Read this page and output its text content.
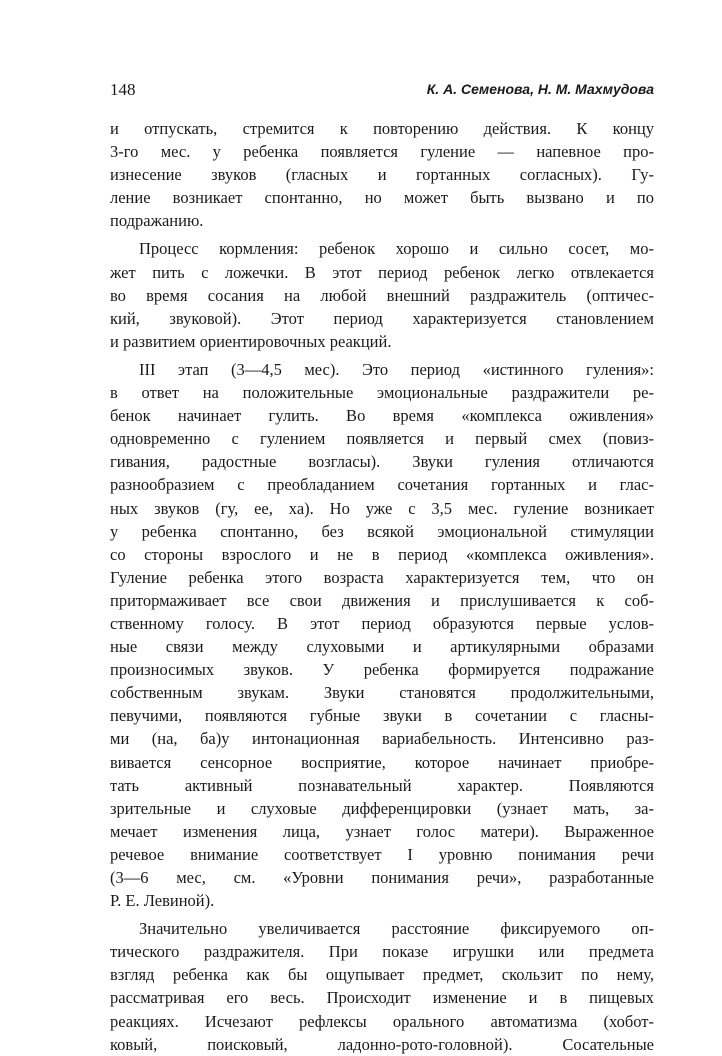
148	К. А. Семенова, Н. М. Махмудова
и отпускать, стремится к повторению действия. К концу
3-го мес. у ребенка появляется гуление — напевное про-
изнесение звуков (гласных и гортанных согласных). Гу-
ление возникает спонтанно, но может быть вызвано и по
подражанию.
Процесс кормления: ребенок хорошо и сильно сосет, мо-
жет пить с ложечки. В этот период ребенок легко отвлекается
во время сосания на любой внешний раздражитель (оптичес-
кий, звуковой). Этот период характеризуется становлением
и развитием ориентировочных реакций.
III этап (3—4,5 мес). Это период «истинного гуления»:
в ответ на положительные эмоциональные раздражители ре-
бенок начинает гулить. Во время «комплекса оживления»
одновременно с гулением появляется и первый смех (повиз-
гивания, радостные возгласы). Звуки гуления отличаются
разнообразием с преобладанием сочетания гортанных и глас-
ных звуков (гу, ее, ха). Но уже с 3,5 мес. гуление возникает
у ребенка спонтанно, без всякой эмоциональной стимуляции
со стороны взрослого и не в период «комплекса оживления».
Гуление ребенка этого возраста характеризуется тем, что он
притормаживает все свои движения и прислушивается к соб-
ственному голосу. В этот период образуются первые услов-
ные связи между слуховыми и артикулярными образами
произносимых звуков. У ребенка формируется подражание
собственным звукам. Звуки становятся продолжительными,
певучими, появляются губные звуки в сочетании с гласны-
ми (на, ба)у интонационная вариабельность. Интенсивно раз-
вивается сенсорное восприятие, которое начинает приобре-
тать активный познавательный характер. Появляются
зрительные и слуховые дифференцировки (узнает мать, за-
мечает изменения лица, узнает голос матери). Выраженное
речевое внимание соответствует I уровню понимания речи
(3—6 мес, см. «Уровни понимания речи», разработанные
Р. Е. Левиной).
Значительно увеличивается расстояние фиксируемого оп-
тического раздражителя. При показе игрушки или предмета
взгляд ребенка как бы ощупывает предмет, скользит по нему,
рассматривая его весь. Происходит изменение и в пищевых
реакциях. Исчезают рефлексы орального автоматизма (хобот-
ковый, поисковый, ладонно-рото-головной). Сосательные
